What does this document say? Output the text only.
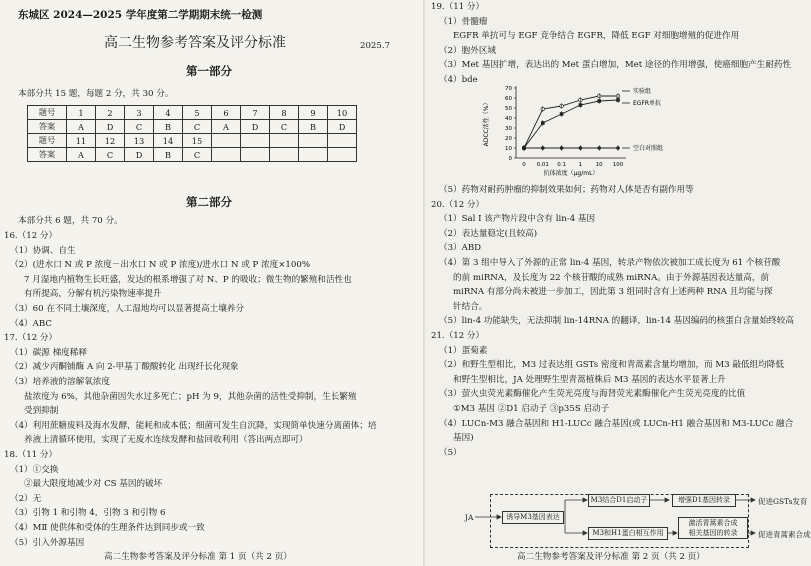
东城区 2024—2025 学年度第二学期期末统一检测
高二生物参考答案及评分标准	2025.7
第一部分
本部分共 15 题，每题 2 分，共 30 分。
题号	1	2	3	4	5	6	7	8	9	10
答案	A	D	C	B	C	A	D	C	B	D
题号	11	12	13	14	15					
答案	A	C	D	B	C					
第二部分
本部分共 6 题，共 70 分。
16.（12 分）
（1）协调、自生
（2）(进水口 N 或 P 浓度－出水口 N 或 P 浓度)/进水口 N 或 P 浓度×100%
7 月湿地内植物生长旺盛，发达的根系增强了对 N、P 的吸收；微生物的繁殖和活性也
有所提高，分解有机污染物速率提升
（3）60 在不同土壤深度，人工湿地均可以显著提高土壤养分
（4）ABC
17.（12 分）
（1）碳源 梯度稀释
（2）减少丙酮铺酶 A 向 2-甲基丁酸酸转化 出现纤长化现象
（3）培养液的溶解氧浓度
盐浓度为 6%，其他杂菌因失水过多死亡；pH 为 9，其他杂菌的活性受抑制，生长繁殖
受到抑制
（4）利用蔗糖废料及海水发酵，能耗和成本低；细菌可发生自沉降，实现简单快速分离菌体；培
养液上清循环使用，实现了无废水连续发酵和盐回收利用（答出两点即可）
18.（11 分）
（1）①交换
②最大限度地减少对 CS 基因的破坏
（2）无
（3）引物 1 和引物 4，引物 3 和引物 6
（4）MⅡ 使供体和受体的生理条件达到同步或一致
（5）引入外源基因
高二生物参考答案及评分标准 第 1 页（共 2 页）
19.（11 分）
（1）骨髓瘤
EGFR 单抗可与 EGF 竞争结合 EGFR，降低 EGF 对细胞增殖的促进作用
（2）胞外区域
（3）Met 基因扩增，表达出的 Met 蛋白增加，Met 途径的作用增强，使癌细胞产生耐药性
（4）bde
0
10
20
30
40
50
60
70
0 0.01 0.1 1 10 100
抗体浓度（μg/mL）
ADCC活性（%）
实验组
EGFR单抗
空白对照组
（5）药物对耐药肿瘤的抑制效果如何；药物对人体是否有副作用等
20.（12 分）
（1）Sal Ⅰ 该产物片段中含有 lin-4 基因
（2）表达量稳定(且较高)
（3）ABD
（4）第 3 组中导入了外源的正常 lin-4 基因，转录产物依次被加工成长度为 61 个核苷酸
的前 miRNA，及长度为 22 个核苷酸的成熟 miRNA。由于外源基因表达量高，前
miRNA 有部分尚未被进一步加工，因此第 3 组同时含有上述两种 RNA 且均能与探
针结合。
（5）lin-4 功能缺失，无法抑制 lin-14RNA 的翻译，lin-14 基因编码的核蛋白含量始终较高
21.（12 分）
（1）蛋菊素
（2）和野生型相比，M3 过表达组 GSTs 密度和青蒿素含量均增加，而 M3 敲低组均降低
和野生型相比，JA 处理野生型青蒿植株后 M3 基因的表达水平显著上升
（3）萤火虫荧光素酶催化产生荧光亮度与海肾荧光素酶催化产生荧光亮度的比值
①M3 基因 ②D1 启动子 ③p35S 启动子
（4）LUCn-M3 融合基因和 H1-LUCc 融合基因(或 LUCn-H1 融合基因和 M3-LUCc 融合
基因)
（5）
JA	诱导M3基因表达
M3结合D1启动子	增强D1基因转录
M3和H1蛋白相互作用
激活青蒿素合成
相关基因的转录
促进GSTs发育
促进青蒿素合成
高二生物参考答案及评分标准 第 2 页（共 2 页）
